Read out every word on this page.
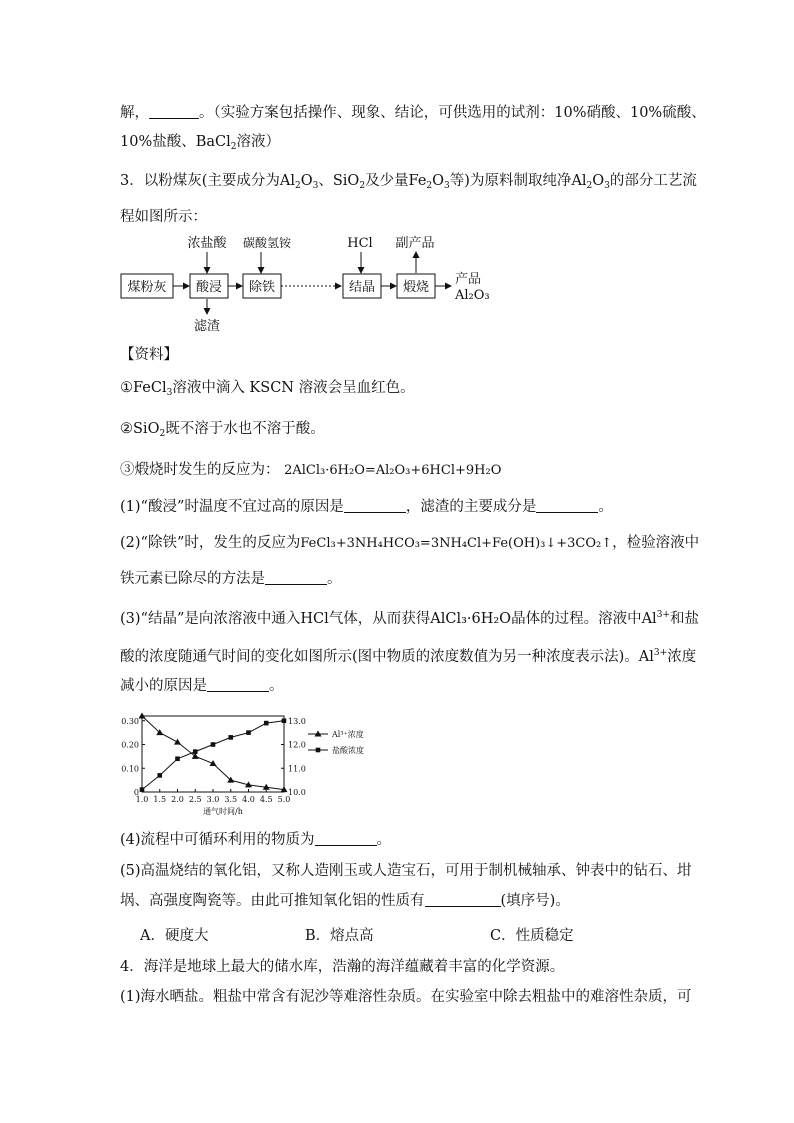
解，	。（实验方案包括操作、现象、结论，可供选用的试剂：10%硝酸、10%硫酸、
10%盐酸、BaCl$_2$溶液）
3．以粉煤灰(主要成分为$Al_2O_3$、SiO$_2$及少量$Fe_2O_3$等)为原料制取纯净$Al_2O_3$的部分工艺流
程如图所示：
煤粉灰 酸浸 除铁	结晶 煅烧
浓盐酸 碳酸氢铵	HCl 副产品
滤渣
产品
Al₂O₃
【资料】
①FeCl$_3$溶液中滴入 KSCN 溶液会呈血红色。
②SiO$_2$既不溶于水也不溶于酸。
③煅烧时发生的反应为： 2AlCl₃·6H₂O=Al₂O₃+6HCl+9H₂O
(1)“酸浸”时温度不宜过高的原因是	，滤渣的主要成分是	。
(2)“除铁”时，发生的反应为FeCl₃+3NH₄HCO₃=3NH₄Cl+Fe(OH)₃↓+3CO₂↑，检验溶液中
铁元素已除尽的方法是	。
(3)“结晶”是向浓溶液中通入HCl气体，从而获得AlCl₃·6H₂O晶体的过程。溶液中$Al^{3+}$和盐
酸的浓度随通气时间的变化如图所示(图中物质的浓度数值为另一种浓度表示法)。$Al^{3+}$浓度
减小的原因是	。
1.0 1.5 2.0 2.5 3.0 3.5 4.0 4.5 5.0
通气时间/h
0
0.10
0.20
0.30
10.0
11.0
12.0
13.0
Al³⁺浓度
盐酸浓度
(4)流程中可循环利用的物质为	。
(5)高温烧结的氧化铝，又称人造刚玉或人造宝石，可用于制机械轴承、钟表中的钻石、坩
埚、高强度陶瓷等。由此可推知氧化铝的性质有	(填序号)。
A．硬度大	B．熔点高	C．性质稳定
4．海洋是地球上最大的储水库，浩瀚的海洋蕴藏着丰富的化学资源。
(1)海水晒盐。粗盐中常含有泥沙等难溶性杂质。在实验室中除去粗盐中的难溶性杂质，可
